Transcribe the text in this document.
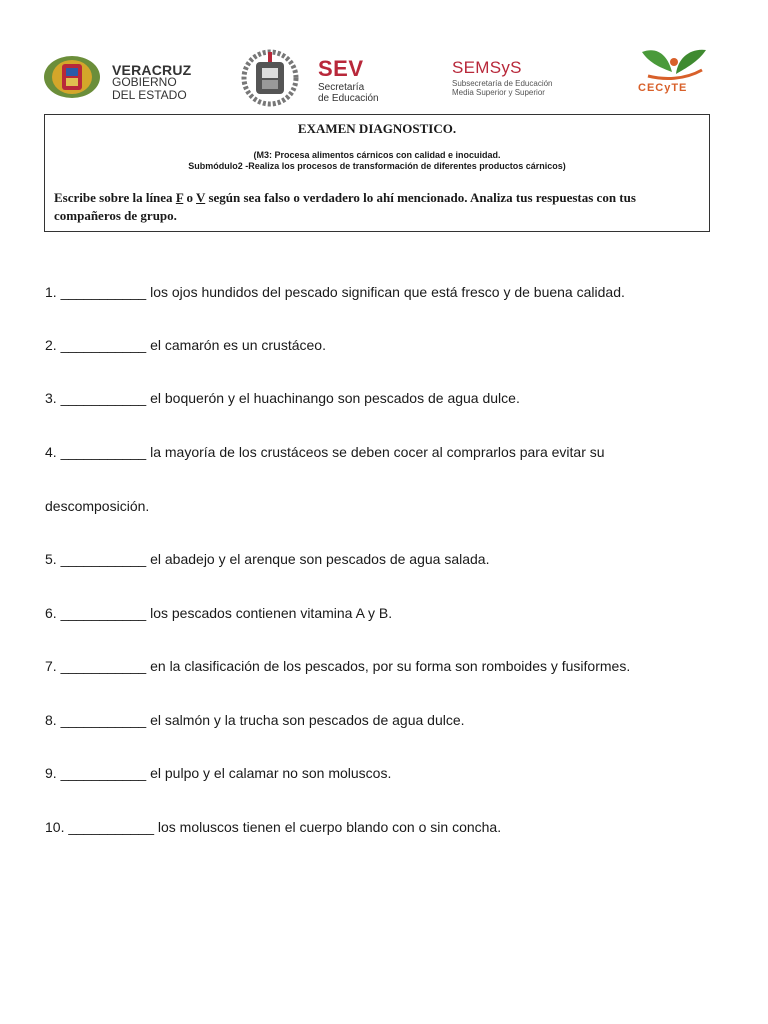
VERACRUZ
GOBIERNO
DEL ESTADO
SEV
Secretaría
de Educación
SEMSyS
Subsecretaría de Educación
Media Superior y Superior	CECyTE
EXAMEN DIAGNOSTICO.
(M3: Procesa alimentos cárnicos con calidad e inocuidad.
Submódulo2 -Realiza los procesos de transformación de diferentes productos cárnicos)
Escribe sobre la línea F o V según sea falso o verdadero lo ahí mencionado. Analiza tus respuestas con tus compañeros de grupo.
1. ___________ los ojos hundidos del pescado significan que está fresco y de buena calidad.
2. ___________ el camarón es un crustáceo.
3. ___________ el boquerón y el huachinango son pescados de agua dulce.
4. ___________ la mayoría de los crustáceos se deben cocer al comprarlos para evitar su
descomposición.
5. ___________ el abadejo y el arenque son pescados de agua salada.
6. ___________ los pescados contienen vitamina A y B.
7. ___________ en la clasificación de los pescados, por su forma son romboides y fusiformes.
8. ___________ el salmón y la trucha son pescados de agua dulce.
9. ___________ el pulpo y el calamar no son moluscos.
10. ___________ los moluscos tienen el cuerpo blando con o sin concha.
